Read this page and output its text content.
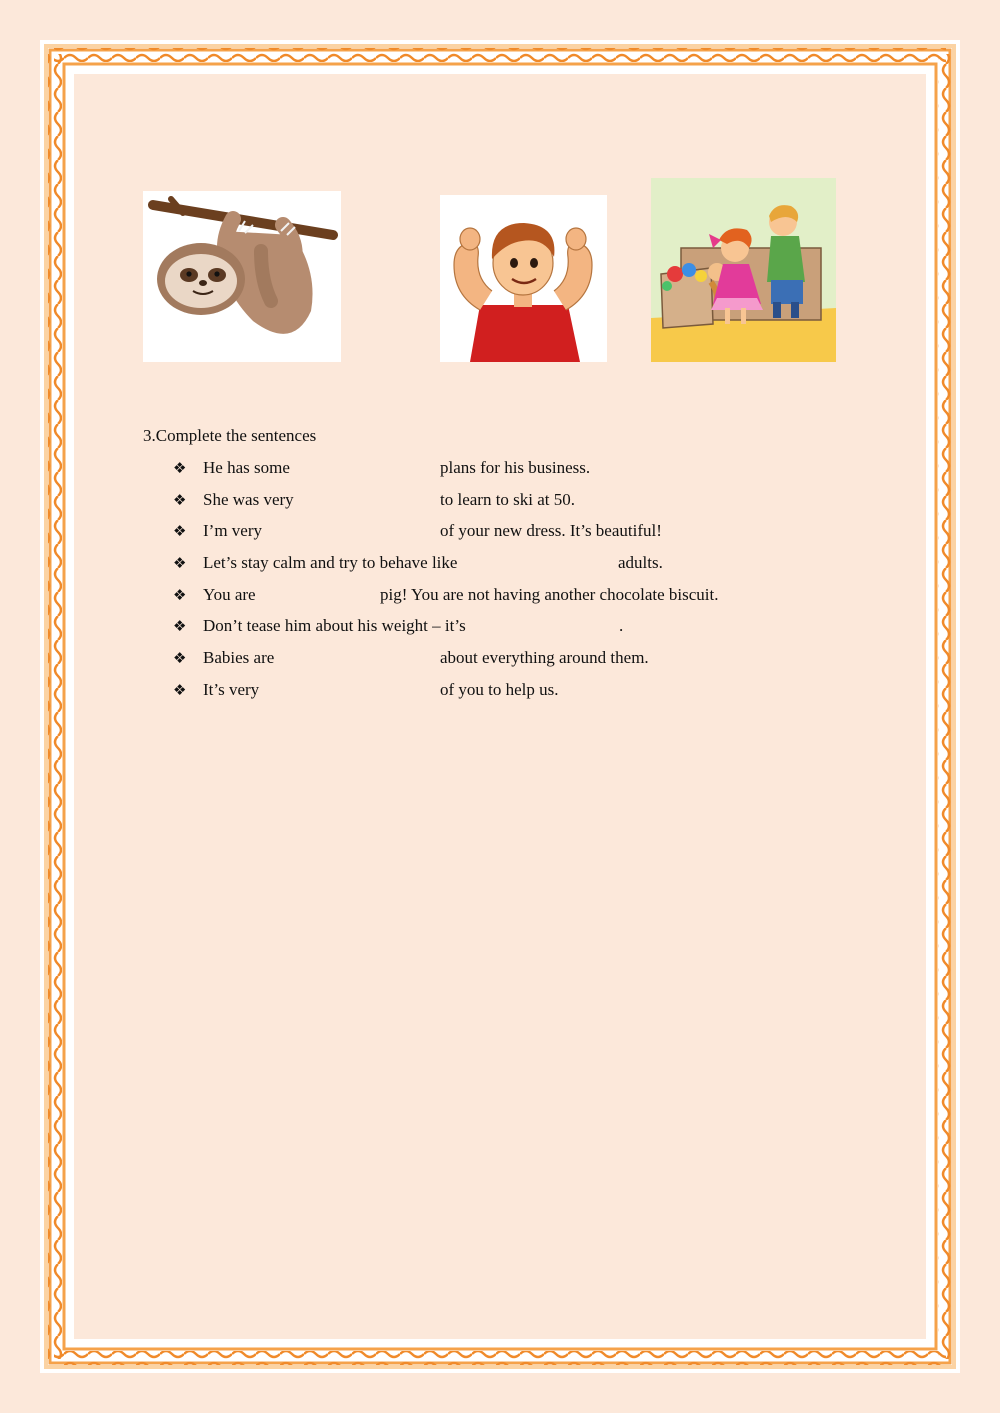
3.Complete the sentences
❖ He has some	plans for his business.
❖ She was very	to learn to ski at 50.
❖ I’m very	of your new dress. It’s beautiful!
❖ Let’s stay calm and try to behave like	adults.
❖ You are	pig! You are not having another chocolate biscuit.
❖ Don’t tease him about his weight – it’s	.
❖ Babies are	about everything around them.
❖ It’s very	of you to help us.
